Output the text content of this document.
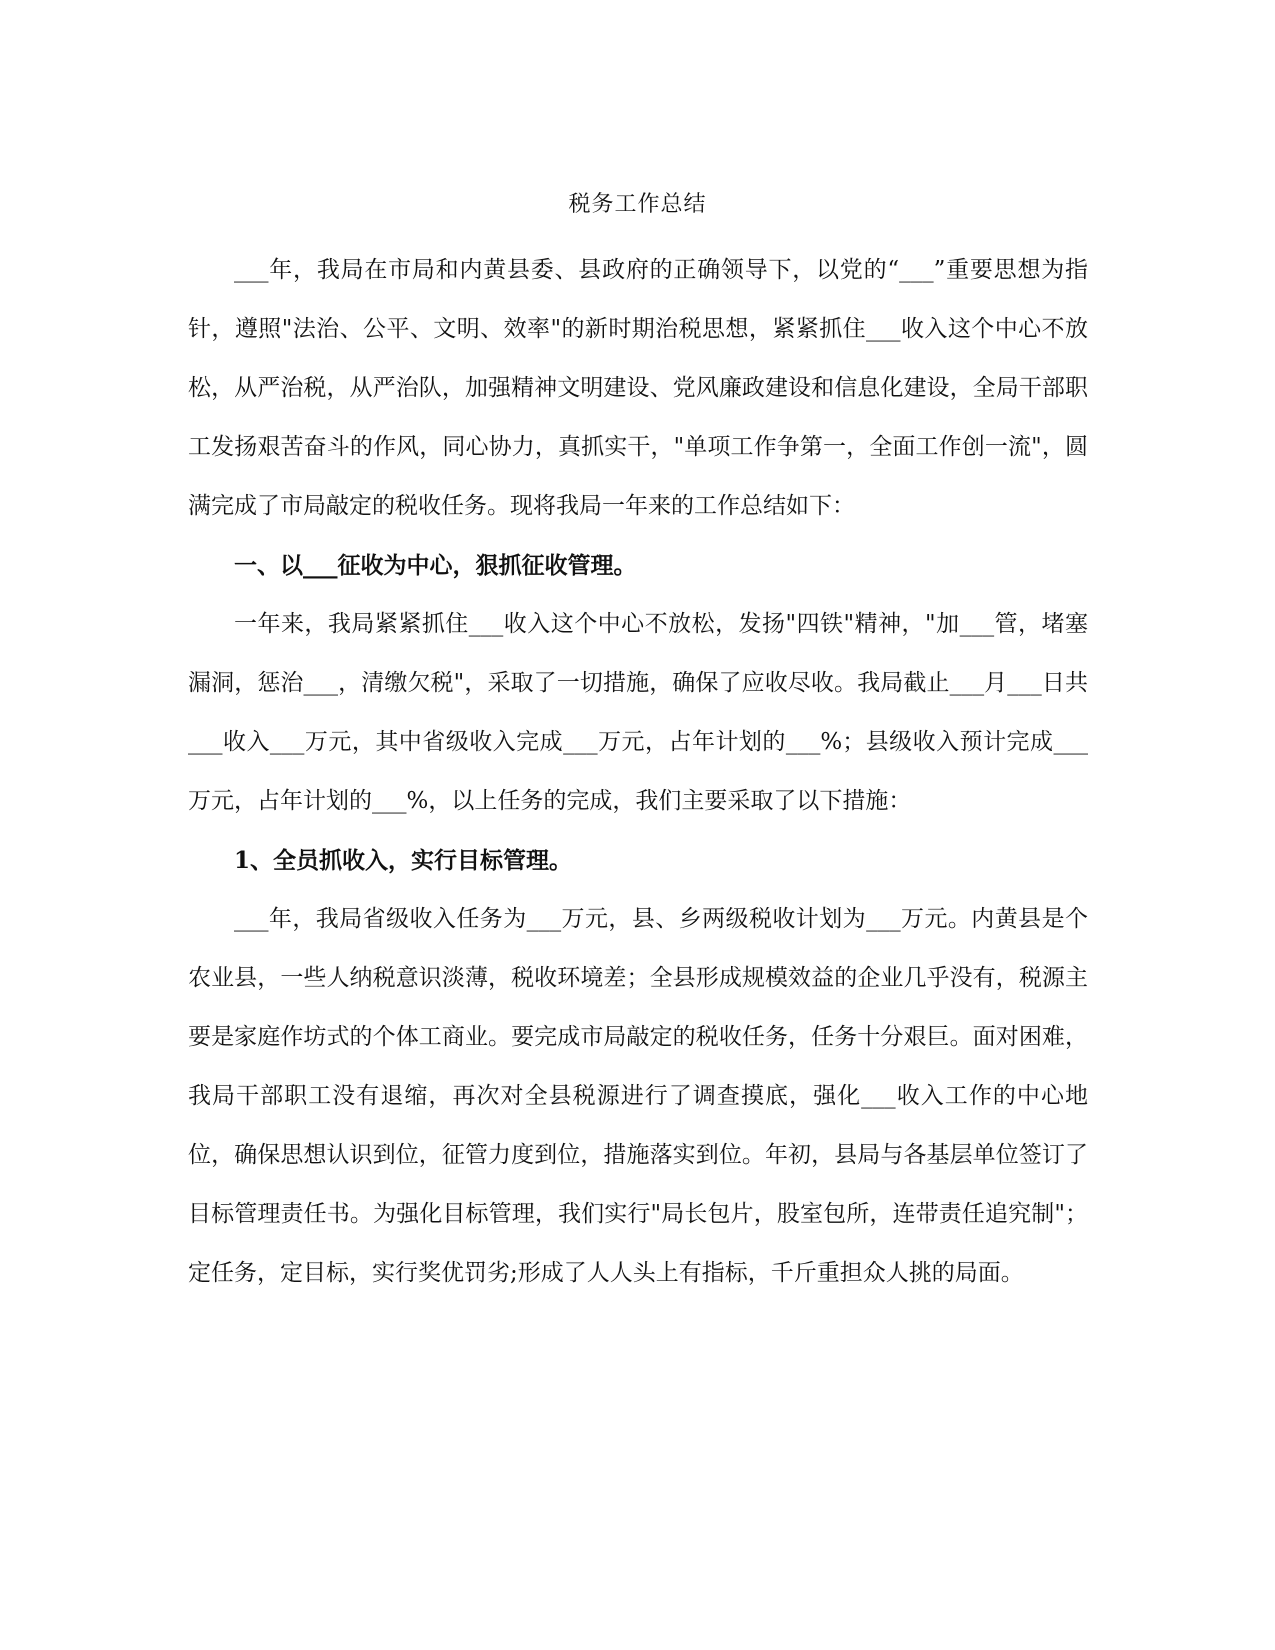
税务工作总结

___年，我局在市局和内黄县委、县政府的正确领导下，以党的“___”重要思想为指针，遵照"法治、公平、文明、效率"的新时期治税思想，紧紧抓住___收入这个中心不放松，从严治税，从严治队，加强精神文明建设、党风廉政建设和信息化建设，全局干部职工发扬艰苦奋斗的作风，同心协力，真抓实干，"单项工作争第一，全面工作创一流"，圆满完成了市局敲定的税收任务。现将我局一年来的工作总结如下：

一、以___征收为中心，狠抓征收管理。

一年来，我局紧紧抓住___收入这个中心不放松，发扬"四铁"精神，"加___管，堵塞漏洞，惩治___，清缴欠税"，采取了一切措施，确保了应收尽收。我局截止___月___日共___收入___万元，其中省级收入完成___万元，占年计划的___%；县级收入预计完成___万元，占年计划的___%，以上任务的完成，我们主要采取了以下措施：

1、全员抓收入，实行目标管理。

___年，我局省级收入任务为___万元，县、乡两级税收计划为___万元。内黄县是个农业县，一些人纳税意识淡薄，税收环境差；全县形成规模效益的企业几乎没有，税源主要是家庭作坊式的个体工商业。要完成市局敲定的税收任务，任务十分艰巨。面对困难，我局干部职工没有退缩，再次对全县税源进行了调查摸底，强化___收入工作的中心地位，确保思想认识到位，征管力度到位，措施落实到位。年初，县局与各基层单位签订了目标管理责任书。为强化目标管理，我们实行"局长包片，股室包所，连带责任追究制"；定任务，定目标，实行奖优罚劣;形成了人人头上有指标，千斤重担众人挑的局面。
